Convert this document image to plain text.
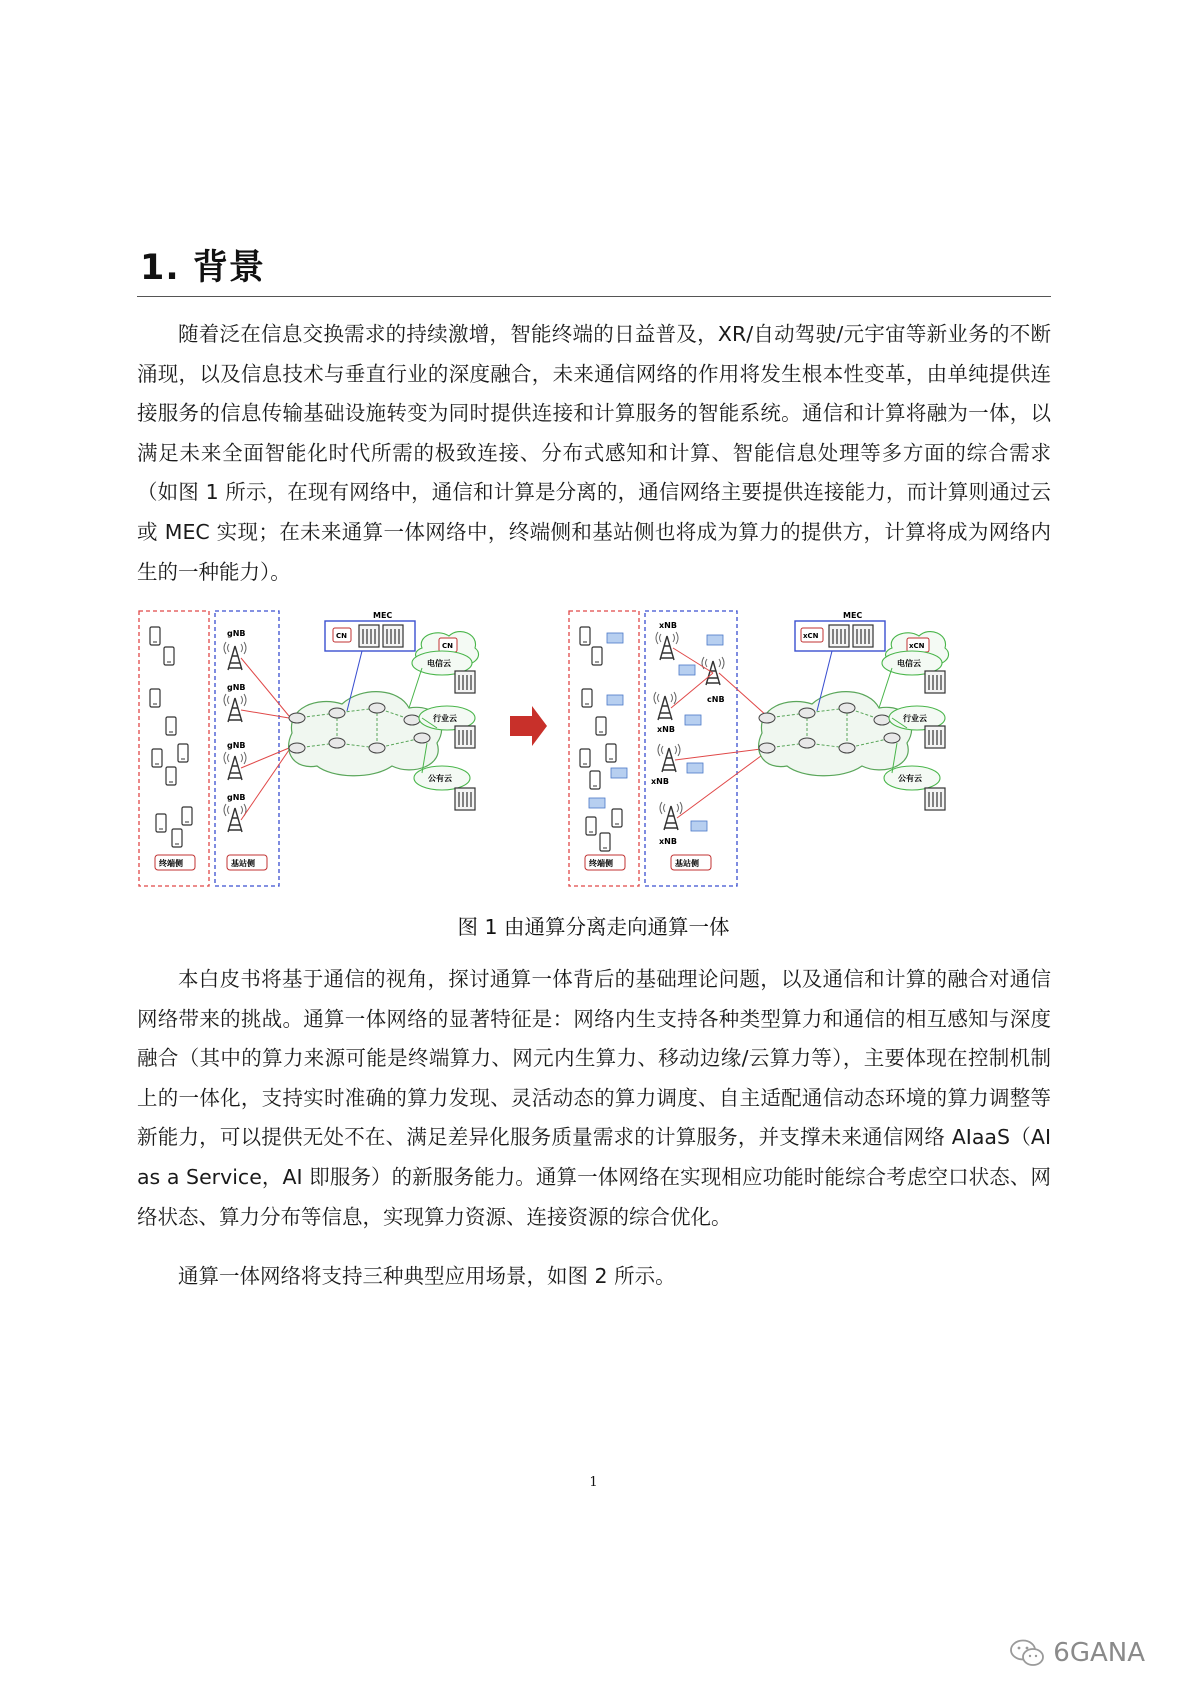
1. 背景

随着泛在信息交换需求的持续激增，智能终端的日益普及，XR/自动驾驶/元宇宙等新业务的不断涌现，以及信息技术与垂直行业的深度融合，未来通信网络的作用将发生根本性变革，由单纯提供连接服务的信息传输基础设施转变为同时提供连接和计算服务的智能系统。通信和计算将融为一体，以满足未来全面智能化时代所需的极致连接、分布式感知和计算、智能信息处理等多方面的综合需求（如图 1 所示，在现有网络中，通信和计算是分离的，通信网络主要提供连接能力，而计算则通过云或 MEC 实现；在未来通算一体网络中，终端侧和基站侧也将成为算力的提供方，计算将成为网络内生的一种能力）。

gNB
gNB
gNB
gNB
MEC
CN
CN
电信云
行业云
公有云
终端侧	基站侧
xNB
cNB
xNB
xNB
xNB
MEC
xCN
xCN
电信云
行业云
公有云
终端侧	基站侧

图 1 由通算分离走向通算一体

本白皮书将基于通信的视角，探讨通算一体背后的基础理论问题，以及通信和计算的融合对通信网络带来的挑战。通算一体网络的显著特征是：网络内生支持各种类型算力和通信的相互感知与深度融合（其中的算力来源可能是终端算力、网元内生算力、移动边缘/云算力等），主要体现在控制机制上的一体化，支持实时准确的算力发现、灵活动态的算力调度、自主适配通信动态环境的算力调整等新能力，可以提供无处不在、满足差异化服务质量需求的计算服务，并支撑未来通信网络 AIaaS（AI as a Service，AI 即服务）的新服务能力。通算一体网络在实现相应功能时能综合考虑空口状态、网络状态、算力分布等信息，实现算力资源、连接资源的综合优化。

通算一体网络将支持三种典型应用场景，如图 2 所示。

1

6GANA
